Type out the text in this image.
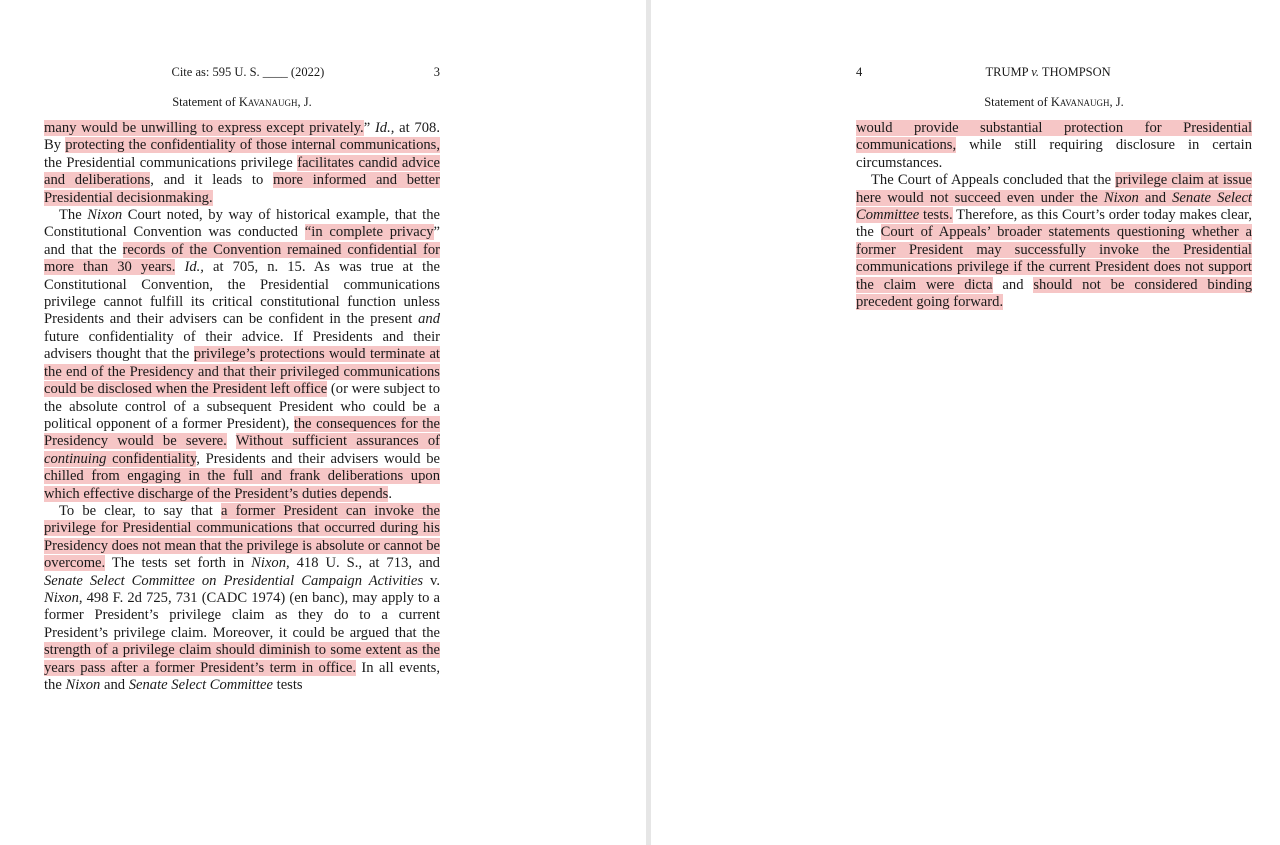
Cite as: 595 U. S. ____ (2022)	3
Statement of Kavanaugh, J.

many would be unwilling to express except privately.” Id., at 708. By protecting the confidentiality of those internal communications, the Presidential communications privilege facilitates candid advice and deliberations, and it leads to more informed and better Presidential decisionmaking.

The Nixon Court noted, by way of historical example, that the Constitutional Convention was conducted “in complete privacy” and that the records of the Convention remained confidential for more than 30 years. Id., at 705, n. 15. As was true at the Constitutional Convention, the Presidential communications privilege cannot fulfill its critical constitutional function unless Presidents and their advisers can be confident in the present and future confidentiality of their advice. If Presidents and their advisers thought that the privilege’s protections would terminate at the end of the Presidency and that their privileged communications could be disclosed when the President left office (or were subject to the absolute control of a subsequent President who could be a political opponent of a former President), the consequences for the Presidency would be severe. Without sufficient assurances of continuing confidentiality, Presidents and their advisers would be chilled from engaging in the full and frank deliberations upon which effective discharge of the President’s duties depends.

To be clear, to say that a former President can invoke the privilege for Presidential communications that occurred during his Presidency does not mean that the privilege is absolute or cannot be overcome. The tests set forth in Nixon, 418 U. S., at 713, and Senate Select Committee on Presidential Campaign Activities v. Nixon, 498 F. 2d 725, 731 (CADC 1974) (en banc), may apply to a former President’s privilege claim as they do to a current President’s privilege claim. Moreover, it could be argued that the strength of a privilege claim should diminish to some extent as the years pass after a former President’s term in office. In all events, the Nixon and Senate Select Committee tests

4	TRUMP v. THOMPSON
Statement of Kavanaugh, J.

would provide substantial protection for Presidential communications, while still requiring disclosure in certain circumstances.

The Court of Appeals concluded that the privilege claim at issue here would not succeed even under the Nixon and Senate Select Committee tests. Therefore, as this Court’s order today makes clear, the Court of Appeals’ broader statements questioning whether a former President may successfully invoke the Presidential communications privilege if the current President does not support the claim were dicta and should not be considered binding precedent going forward.
